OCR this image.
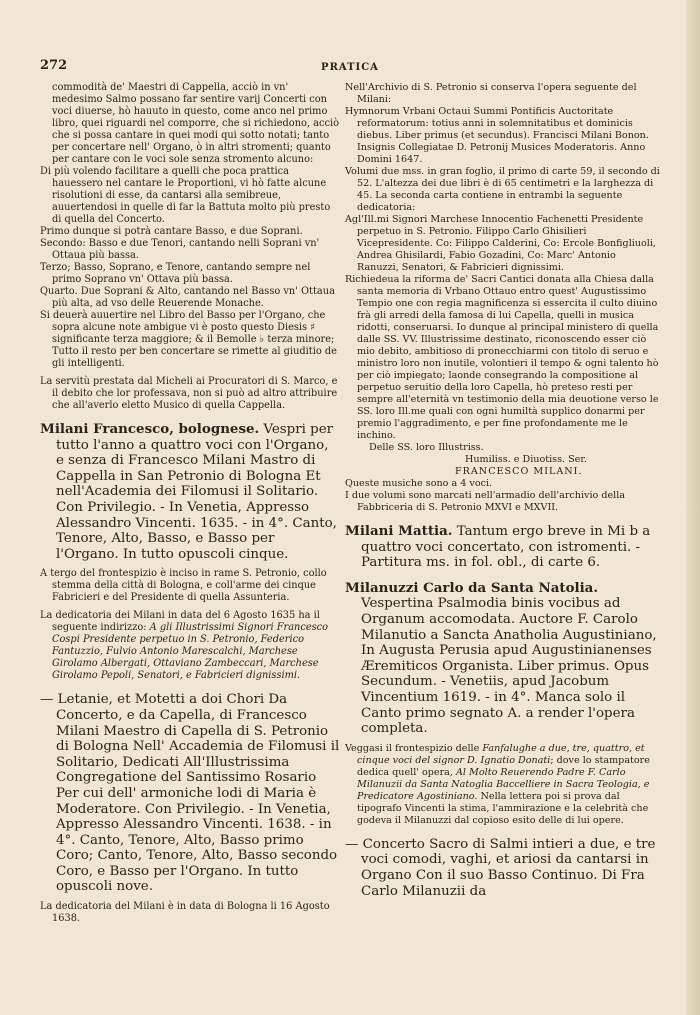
272	PRATICA

commodità de' Maestri di Cappella, acciò in vn' medesimo Salmo possano far sentire varij Concerti con voci diuerse, hò hauuto in questo, come anco nel primo libro, quei riguardi nel comporre, che si richiedono, acciò che si possa cantare in quei modi qui sotto notati; tanto per concertare nell' Organo, ò in altri stromenti; quanto per cantare con le voci sole senza stromento alcuno:

Di più volendo facilitare a quelli che poca prattica hauessero nel cantare le Proportioni, vi hò fatte alcune risolutioni di esse, da cantarsi alla semibreue, auuertendosi in quelle di far la Battuta molto più presto di quella del Concerto.

Primo dunque si potrà cantare Basso, e due Soprani.

Secondo: Basso e due Tenori, cantando nelli Soprani vn' Ottaua più bassa.

Terzo; Basso, Soprano, e Tenore, cantando sempre nel primo Soprano vn' Ottava più bassa.

Quarto. Due Soprani & Alto, cantando nel Basso vn' Ottaua più alta, ad vso delle Reuerende Monache.

Si deuerà auuertire nel Libro del Basso per l'Organo, che sopra alcune note ambigue vi è posto questo Diesis ♯ significante terza maggiore; & il Bemolle ♭ terza minore; Tutto il resto per ben concertare se rimette al giuditio de gli intelligenti.

La servitù prestata dal Micheli ai Procuratori di S. Marco, e il debito che lor professava, non si può ad altro attribuire che all'averlo eletto Musico di quella Cappella.

Milani Francesco, bolognese. Vespri per tutto l'anno a quattro voci con l'Organo, e senza di Francesco Milani Mastro di Cappella in San Petronio di Bologna Et nell'Academia dei Filomusi il Solitario. Con Privilegio. - In Venetia, Appresso Alessandro Vincenti. 1635. - in 4°. Canto, Tenore, Alto, Basso, e Basso per l'Organo. In tutto opuscoli cinque.

A tergo del frontespizio è inciso in rame S. Petronio, collo stemma della città di Bologna, e coll'arme dei cinque Fabricieri e del Presidente di quella Assunteria.

La dedicatoria dei Milani in data del 6 Agosto 1635 ha il seguente indirizzo: A gli Illustrissimi Signori Francesco Cospi Presidente perpetuo in S. Petronio, Federico Fantuzzio, Fulvio Antonio Marescalchi, Marchese Girolamo Albergati, Ottaviano Zambeccari, Marchese Girolamo Pepoli, Senatori, e Fabricieri dignissimi.

— Letanie, et Motetti a doi Chori Da Concerto, e da Capella, di Francesco Milani Maestro di Capella di S. Petronio di Bologna Nell' Accademia de Filomusi il Solitario, Dedicati All'Illustrissima Congregatione del Santissimo Rosario Per cui dell' armoniche lodi di Maria è Moderatore. Con Privilegio. - In Venetia, Appresso Alessandro Vincenti. 1638. - in 4°. Canto, Tenore, Alto, Basso primo Coro; Canto, Tenore, Alto, Basso secondo Coro, e Basso per l'Organo. In tutto opuscoli nove.

La dedicatoria del Milani è in data di Bologna li 16 Agosto 1638.

Nell'Archivio di S. Petronio si conserva l'opera seguente del Milani:

Hymnorum Vrbani Octaui Summi Pontificis Auctoritate reformatorum: totius anni in solemnitatibus et dominicis diebus. Liber primus (et secundus). Francisci Milani Bonon. Insignis Collegiatae D. Petronij Musices Moderatoris. Anno Domini 1647.

Volumi due mss. in gran foglio, il primo di carte 59, il secondo di 52. L'altezza dei due libri è di 65 centimetri e la larghezza di 45. La seconda carta contiene in entrambi la seguente dedicatoria:

Agl'Ill.mi Signori Marchese Innocentio Fachenetti Presidente perpetuo in S. Petronio. Filippo Carlo Ghisilieri Vicepresidente. Co: Filippo Calderini, Co: Ercole Bonfigliuoli, Andrea Ghisilardi, Fabio Gozadini, Co: Marc' Antonio Ranuzzi, Senatori, & Fabricieri dignissimi.

Richiedeua la riforma de' Sacri Cantici donata alla Chiesa dalla santa memoria di Vrbano Ottauo entro quest' Augustissimo Tempio one con regia magnificenza si essercita il culto diuino frà gli arredi della famosa di lui Capella, quelli in musica ridotti, conseruarsi. Io dunque al principal ministero di quella dalle SS. VV. Illustrissime destinato, riconoscendo esser ciò mio debito, ambitioso di pronecchiarmi con titolo di seruo e ministro loro non inutile, volontieri il tempo & ogni talento hò per ciò impiegato; laonde consegrando la compositione al perpetuo seruitio della loro Capella, hò preteso resti per sempre all'eternità vn testimonio della mia deuotione verso le SS. loro Ill.me quali con ogni humiltà supplico donarmi per premio l'aggradimento, e per fine profondamente me le inchino.

Delle SS. loro Illustriss.

Humiliss. e Diuotiss. Ser.

FRANCESCO MILANI.

Queste musiche sono a 4 voci.

I due volumi sono marcati nell'armadio dell'archivio della Fabbriceria di S. Petronio MXVI e MXVII.

Milani Mattia. Tantum ergo breve in Mi b a quattro voci concertato, con istromenti. - Partitura ms. in fol. obl., di carte 6.

Milanuzzi Carlo da Santa Natolia. Vespertina Psalmodia binis vocibus ad Organum accomodata. Auctore F. Carolo Milanutio a Sancta Anatholia Augustiniano, In Augusta Perusia apud Augustinianenses Æremiticos Organista. Liber primus. Opus Secundum. - Venetiis, apud Jacobum Vincentium 1619. - in 4°. Manca solo il Canto primo segnato A. a render l'opera completa.

Veggasi il frontespizio delle Fanfalughe a due, tre, quattro, et cinque voci del signor D. Ignatio Donati; dove lo stampatore dedica quell' opera, Al Molto Reuerendo Padre F. Carlo Milanuzii da Santa Natoglia Baccelliere in Sacra Teologia, e Predicatore Agostiniano. Nella lettera poi si prova dal tipografo Vincenti la stima, l'ammirazione e la celebrità che godeva il Milanuzzi dal copioso esito delle di lui opere.

— Concerto Sacro di Salmi intieri a due, e tre voci comodi, vaghi, et ariosi da cantarsi in Organo Con il suo Basso Continuo. Di Fra Carlo Milanuzii da
